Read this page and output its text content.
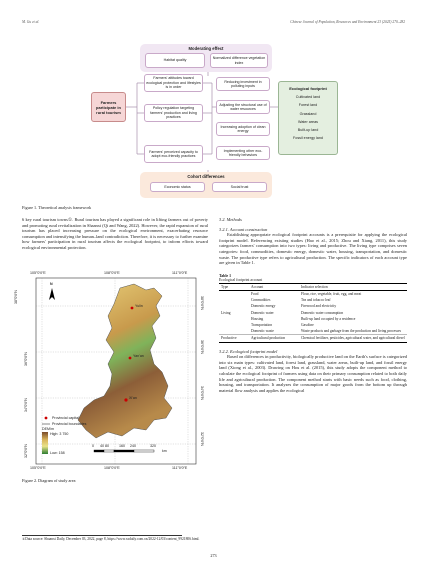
M. Gu et al.	Chinese Journal of Population, Resources and Environment 23 (2025) 270–282
Moderating effect
Habitat quality
Normalized difference vegetation index
Farmers participate in rural tourism
Farmers' attitudes toward ecological protection and lifestyles is in order
Policy regulation targeting farmers' production and living practices
Farmers' perceived capacity to adopt eco-friendly practices
Reducing investment in polluting inputs
Adjusting the structural use of water resources
Increasing adoption of clean energy
Implementing other eco-friendly behaviors
Ecological footprint
Cultivated land
Forest land
Grassland
Water areas
Built-up land
Fossil energy land
Cohort differences
Economic status	Social trust
Figure 1. Theoretical analysis framework
6 key rural tourism towns①. Rural tourism has played a significant role in lifting farmers out of poverty and promoting rural revitalization in Shaanxi (Qi and Wang, 2022). However, the rapid expansion of rural tourism has placed increasing pressure on the ecological environment, exacerbating resource consumption and intensifying the human–land contradiction. Therefore, it is necessary to further examine how farmers' participation in rural tourism affects the ecological footprint, to inform efforts toward ecological environmental protection.
105°0′0″E	108°0′0″E	111°0′0″E
105°0′0″E	108°0′0″E	111°0′0″E
38°0′0″N
36°0′0″N
34°0′0″N
32°0′0″N
38°0′0″N
36°0′0″N
34°0′0″N
32°0′0″N
N
Yulin
Yan'an
Xi'an
Provincial capital
Provincial boundaries
DEM/m
High: 3 750
Low: 158
0 40 80	160 240	320
km
Figure 2. Diagram of study area
3.2. Methods
3.2.1. Account construction
Establishing appropriate ecological footprint accounts is a prerequisite for applying the ecological footprint model. Referencing existing studies (Hao et al., 2015; Zhou and Xiang, 2011), this study categorizes farmers' consumption into two types: living and productive. The living type comprises seven categories: food, commodities, domestic energy, domestic water, housing, transportation, and domestic waste. The productive type refers to agricultural production. The specific indicators of each account type are given in Table 1.
Table 1
Ecological footprint account
Type	Account	Indicator selection
Living	Food	Flour, rice, vegetable, fruit, egg, and meat
	Commodities	Tea and tobacco leaf
	Domestic energy	Firewood and electricity
	Domestic water	Domestic water consumption
	Housing	Built-up land occupied by a residence
	Transportation	Gasoline
	Domestic waste	Waste products and garbage from the production and living processes
Productive	Agricultural production	Chemical fertilizer, pesticides, agricultural water, and agricultural diesel
3.2.2. Ecological footprint model
Based on differences in productivity, biologically productive land on the Earth's surface is categorized into six main types: cultivated land, forest land, grassland, water areas, built-up land, and fossil energy land (Xiong et al., 2003). Drawing on Hou et al. (2015), this study adopts the component method to calculate the ecological footprint of farmers using data on their primary consumption related to both daily life and agricultural production. The component method starts with basic needs such as food, clothing, housing, and transportation. It analyzes the consumption of major goods from the bottom up through material flow analysis and applies the ecological
①Data source: Shaanxi Daily, December 03, 2022, page 8, https://www.sxdaily.com.cn/2022-12/03/content_9921806.html.
273
